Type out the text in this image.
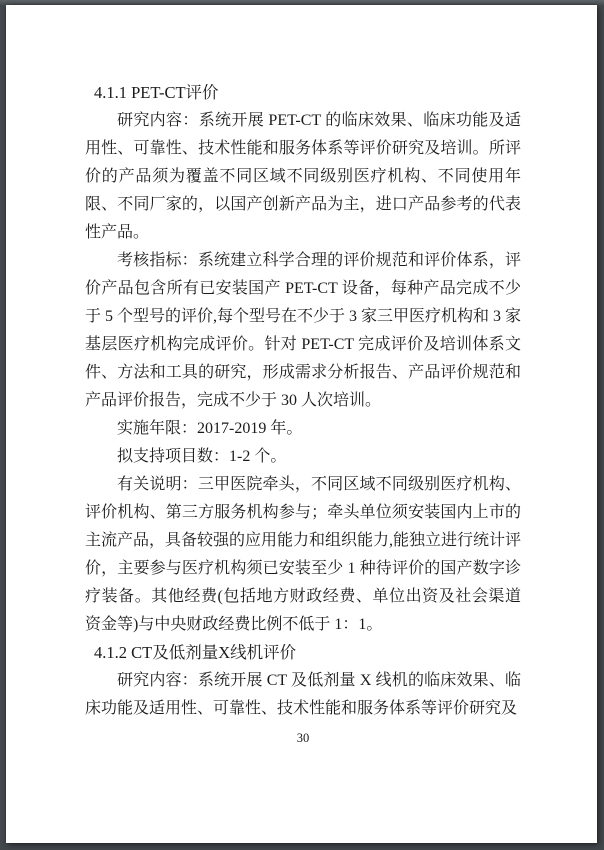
4.1.1 PET-CT评价

研究内容：系统开展 PET-CT 的临床效果、临床功能及适用性、可靠性、技术性能和服务体系等评价研究及培训。所评价的产品须为覆盖不同区域不同级别医疗机构、不同使用年限、不同厂家的，以国产创新产品为主，进口产品参考的代表性产品。

考核指标：系统建立科学合理的评价规范和评价体系，评价产品包含所有已安装国产 PET-CT 设备，每种产品完成不少于 5 个型号的评价,每个型号在不少于 3 家三甲医疗机构和 3 家基层医疗机构完成评价。针对 PET-CT 完成评价及培训体系文件、方法和工具的研究，形成需求分析报告、产品评价规范和产品评价报告，完成不少于 30 人次培训。

实施年限：2017-2019 年。

拟支持项目数：1-2 个。

有关说明：三甲医院牵头，不同区域不同级别医疗机构、评价机构、第三方服务机构参与；牵头单位须安装国内上市的主流产品，具备较强的应用能力和组织能力,能独立进行统计评价，主要参与医疗机构须已安装至少 1 种待评价的国产数字诊疗装备。其他经费(包括地方财政经费、单位出资及社会渠道资金等)与中央财政经费比例不低于 1：1。

4.1.2 CT及低剂量X线机评价

研究内容：系统开展 CT 及低剂量 X 线机的临床效果、临床功能及适用性、可靠性、技术性能和服务体系等评价研究及

30
